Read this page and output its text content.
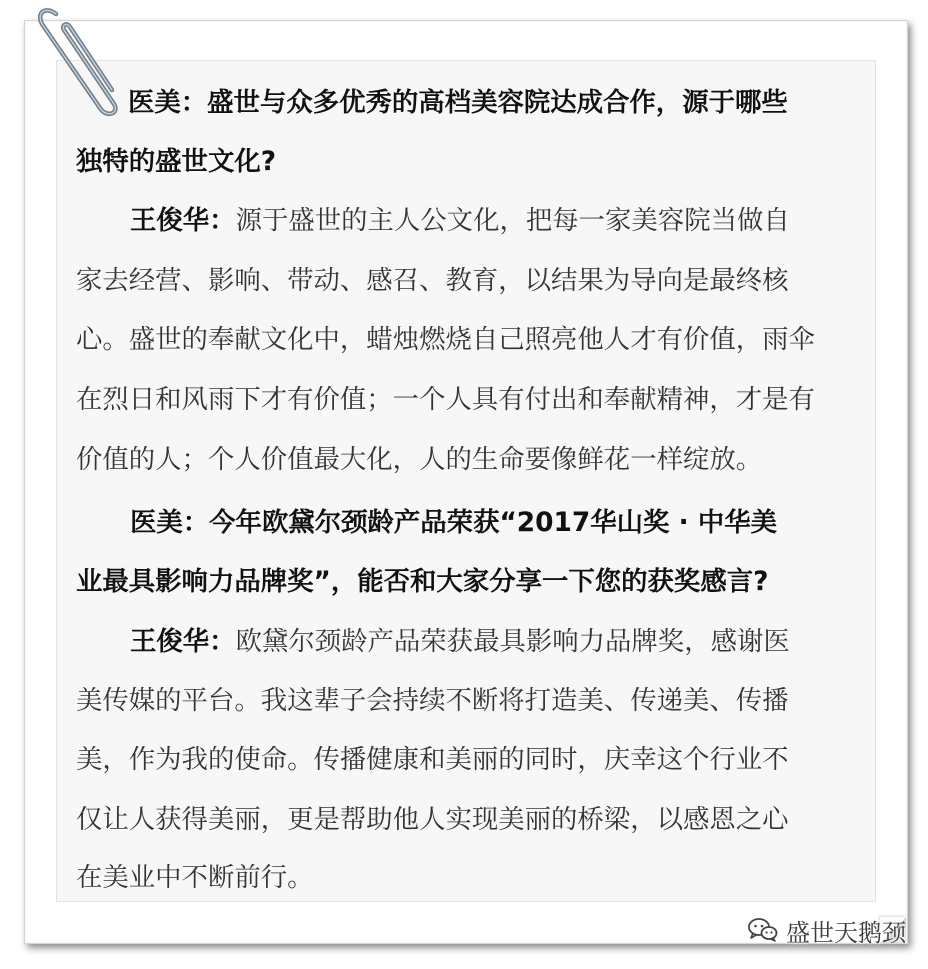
医美：盛世与众多优秀的高档美容院达成合作，源于哪些

独特的盛世文化?

王俊华：源于盛世的主人公文化，把每一家美容院当做自

家去经营、影响、带动、感召、教育，以结果为导向是最终核

心。盛世的奉献文化中，蜡烛燃烧自己照亮他人才有价值，雨伞

在烈日和风雨下才有价值；一个人具有付出和奉献精神，才是有

价值的人；个人价值最大化，人的生命要像鲜花一样绽放。

医美：今年欧黛尔颈龄产品荣获“2017华山奖 · 中华美

业最具影响力品牌奖”，能否和大家分享一下您的获奖感言?

王俊华：欧黛尔颈龄产品荣获最具影响力品牌奖，感谢医

美传媒的平台。我这辈子会持续不断将打造美、传递美、传播

美，作为我的使命。传播健康和美丽的同时，庆幸这个行业不

仅让人获得美丽，更是帮助他人实现美丽的桥梁，以感恩之心

在美业中不断前行。

盛世天鹅颈
